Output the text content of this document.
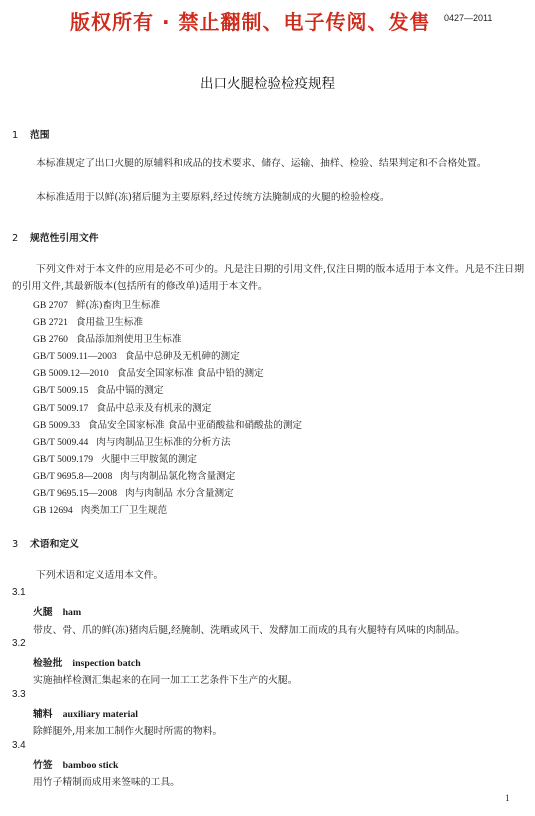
版权所有 · 禁止翻制、电子传阅、发售 0427—2011
出口火腿检验检疫规程
1 范围
本标准规定了出口火腿的原辅料和成品的技术要求、储存、运输、抽样、检验、结果判定和不合格处置。
本标准适用于以鲜(冻)猪后腿为主要原料,经过传统方法腌制成的火腿的检验检疫。
2 规范性引用文件
下列文件对于本文件的应用是必不可少的。凡是注日期的引用文件,仅注日期的版本适用于本文件。凡是不注日期的引用文件,其最新版本(包括所有的修改单)适用于本文件。
GB 2707 鲜(冻)畜肉卫生标准
GB 2721 食用盐卫生标准
GB 2760 食品添加剂使用卫生标准
GB/T 5009.11—2003 食品中总砷及无机砷的测定
GB 5009.12—2010 食品安全国家标准 食品中铅的测定
GB/T 5009.15 食品中镉的测定
GB/T 5009.17 食品中总汞及有机汞的测定
GB 5009.33 食品安全国家标准 食品中亚硝酸盐和硝酸盐的测定
GB/T 5009.44 肉与肉制品卫生标准的分析方法
GB/T 5009.179 火腿中三甲胺氮的测定
GB/T 9695.8—2008 肉与肉制品氯化物含量测定
GB/T 9695.15—2008 肉与肉制品 水分含量测定
GB 12694 肉类加工厂卫生规范
3 术语和定义
下列术语和定义适用本文件。
3.1
火腿 ham
带皮、骨、爪的鲜(冻)猪肉后腿,经腌制、洗晒或风干、发酵加工而成的具有火腿特有风味的肉制品。
3.2
检验批 inspection batch
实施抽样检测汇集起来的在同一加工工艺条件下生产的火腿。
3.3
辅料 auxiliary material
除鲜腿外,用来加工制作火腿时所需的物料。
3.4
竹签 bamboo stick
用竹子精制而成用来签味的工具。
1
